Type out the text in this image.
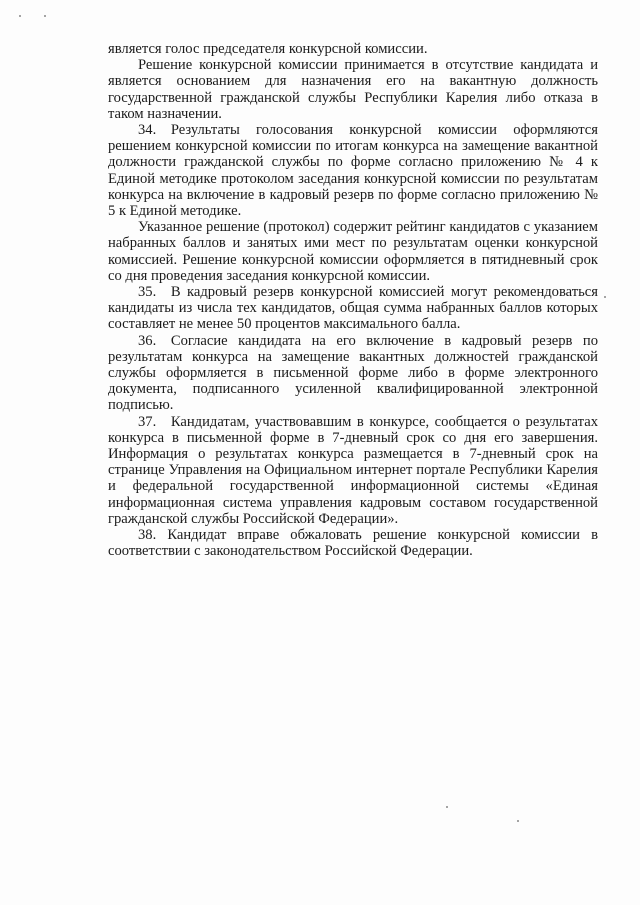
является голос председателя конкурсной комиссии.

Решение конкурсной комиссии принимается в отсутствие кандидата и является основанием для назначения его на вакантную должность государственной гражданской службы Республики Карелия либо отказа в таком назначении.

34. Результаты голосования конкурсной комиссии оформляются решением конкурсной комиссии по итогам конкурса на замещение вакантной должности гражданской службы по форме согласно приложению № 4 к Единой методике протоколом заседания конкурсной комиссии по результатам конкурса на включение в кадровый резерв по форме согласно приложению № 5 к Единой методике.

Указанное решение (протокол) содержит рейтинг кандидатов с указанием набранных баллов и занятых ими мест по результатам оценки конкурсной комиссией. Решение конкурсной комиссии оформляется в пятидневный срок со дня проведения заседания конкурсной комиссии.

35. В кадровый резерв конкурсной комиссией могут рекомендоваться кандидаты из числа тех кандидатов, общая сумма набранных баллов которых составляет не менее 50 процентов максимального балла.

36. Согласие кандидата на его включение в кадровый резерв по результатам конкурса на замещение вакантных должностей гражданской службы оформляется в письменной форме либо в форме электронного документа, подписанного усиленной квалифицированной электронной подписью.

37. Кандидатам, участвовавшим в конкурсе, сообщается о результатах конкурса в письменной форме в 7-дневный срок со дня его завершения. Информация о результатах конкурса размещается в 7-дневный срок на странице Управления на Официальном интернет портале Республики Карелия и федеральной государственной информационной системы «Единая информационная система управления кадровым составом государственной гражданской службы Российской Федерации».

38. Кандидат вправе обжаловать решение конкурсной комиссии в соответствии с законодательством Российской Федерации.
